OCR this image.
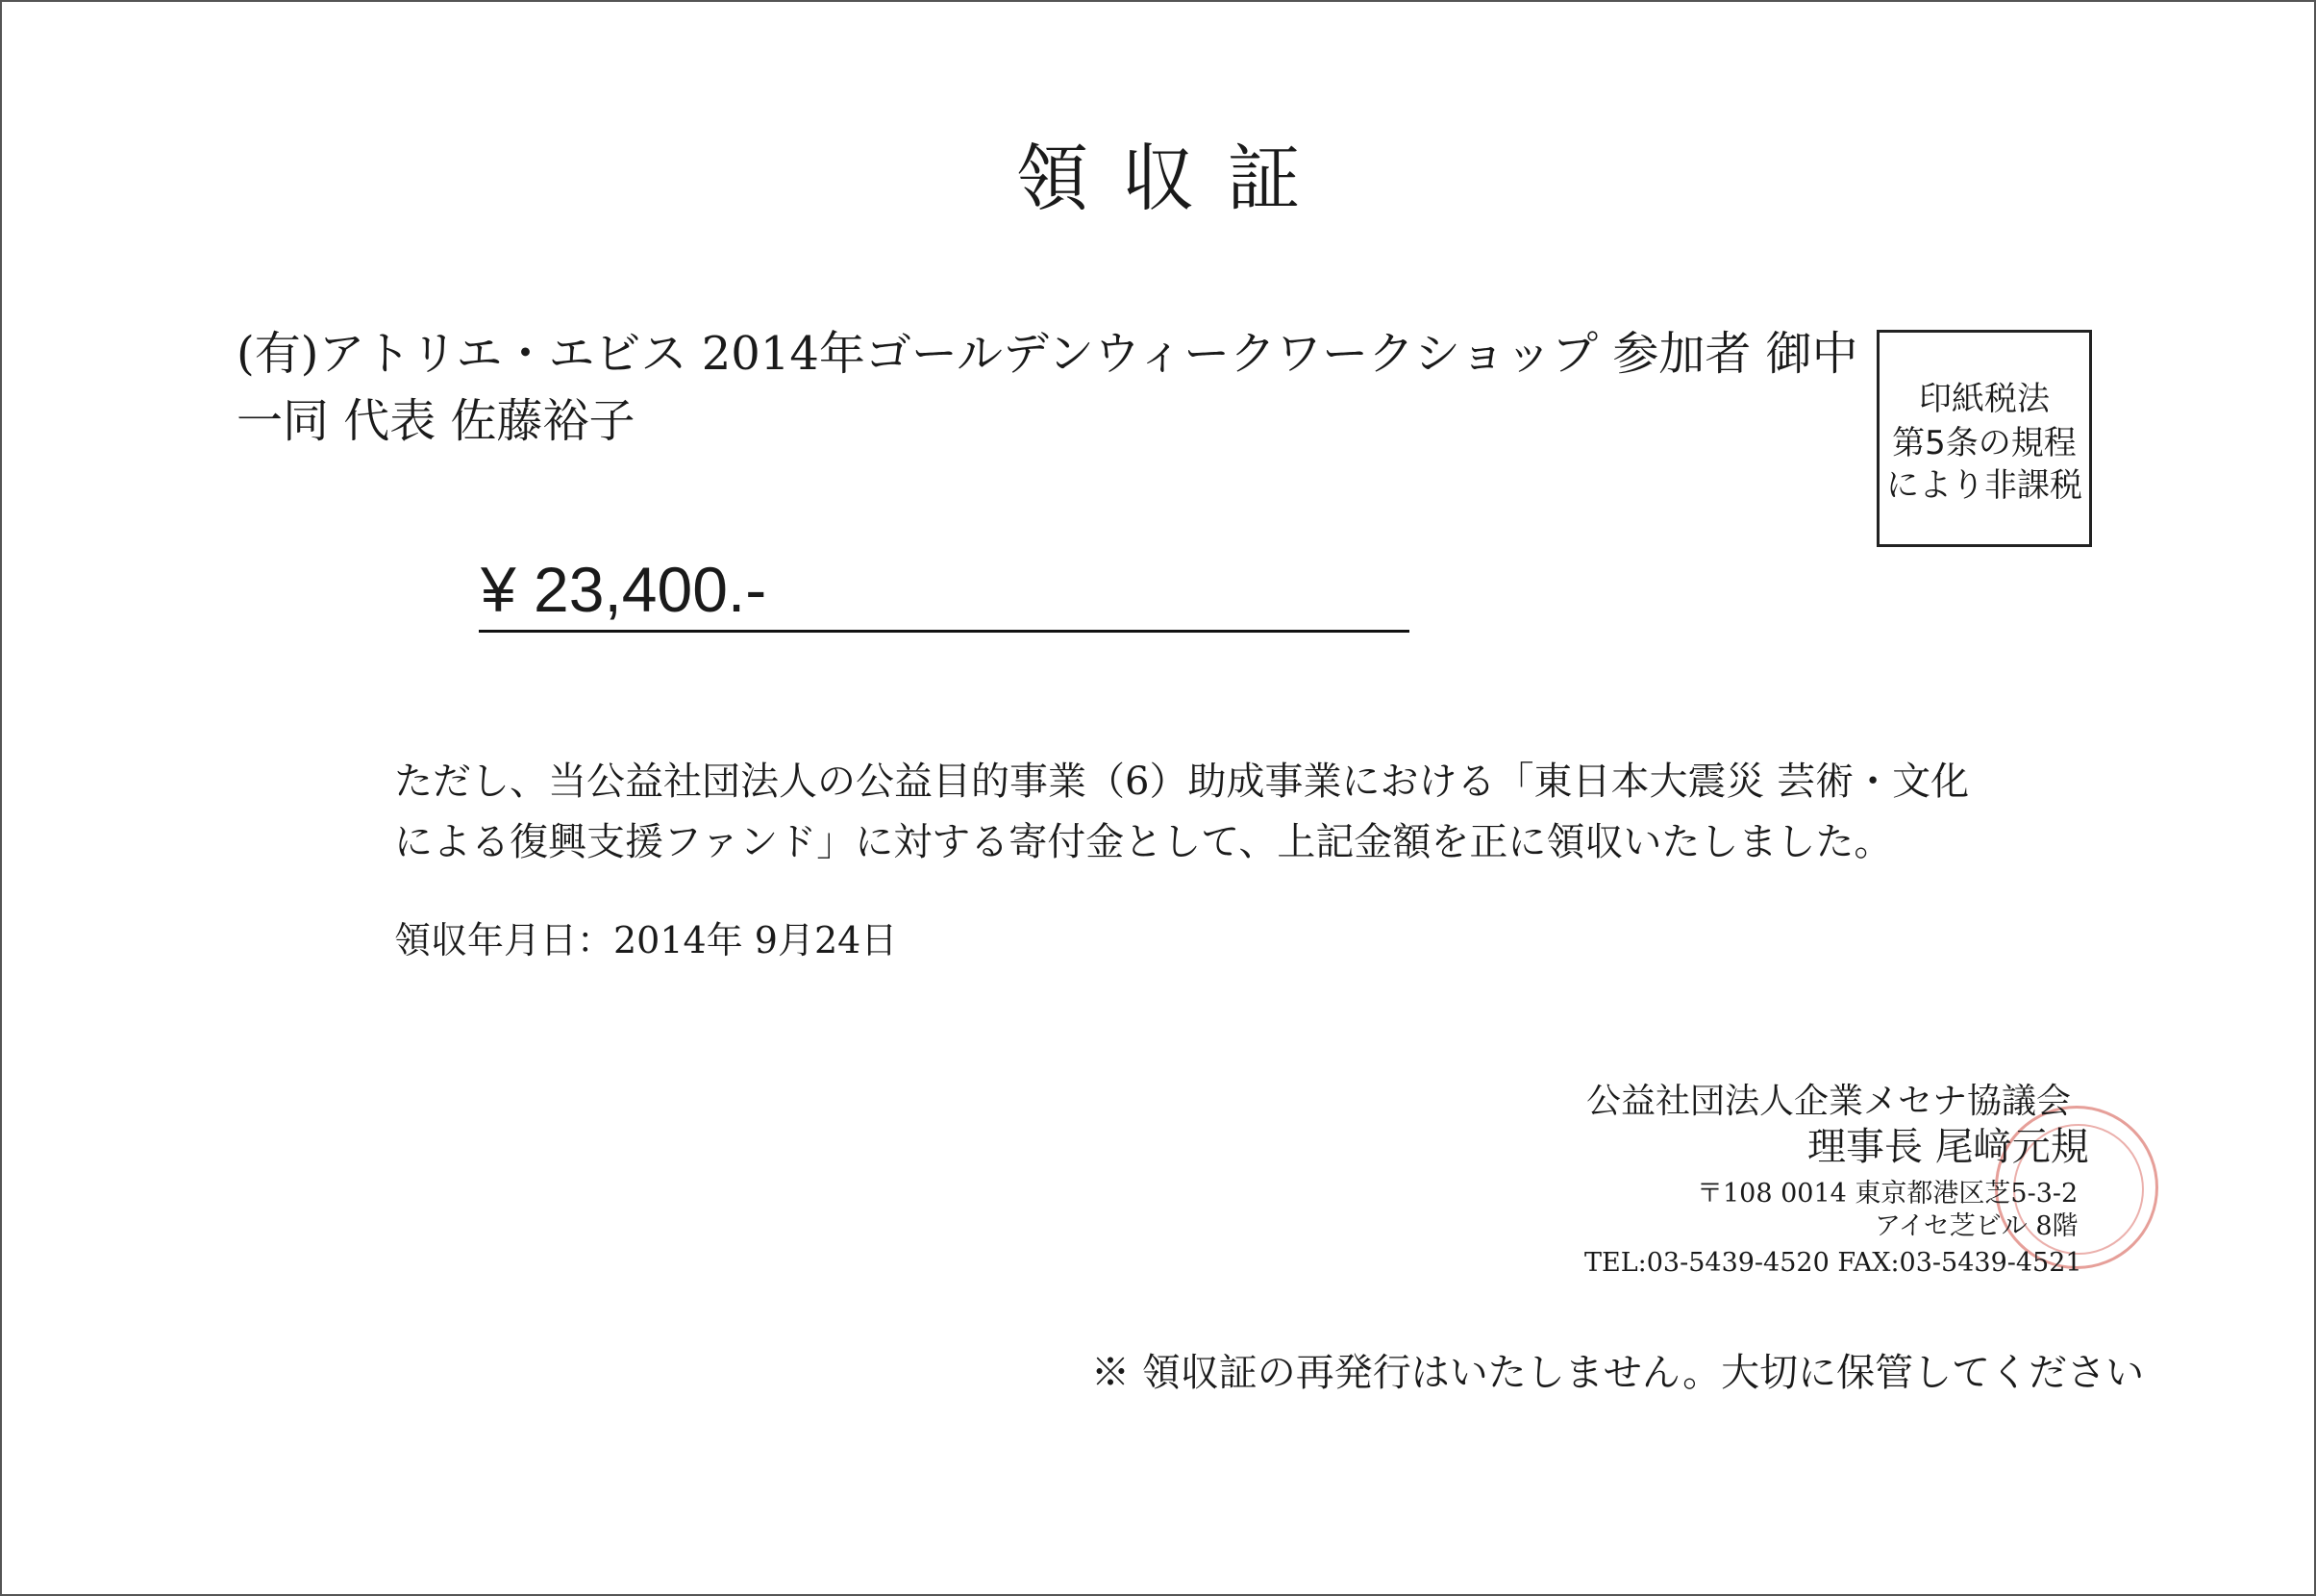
領収証
(有)アトリエ・エビス 2014年ゴールデンウィークワークショップ 参加者 御中
一同 代表 佐藤裕子	印紙税法
第5条の規程
により非課税
¥ 23,400.-
ただし、当公益社団法人の公益目的事業（6）助成事業における「東日本大震災 芸術・文化
による復興支援ファンド」に対する寄付金として、上記金額を正に領収いたしました。
領収年月日：2014年 9月24日
公益社団法人企業メセナ協議会
理事長 尾﨑元規
〒108 0014 東京都港区芝5-3-2
アイセ芝ビル 8階
TEL:03-5439-4520 FAX:03-5439-4521
※ 領収証の再発行はいたしません。大切に保管してください
